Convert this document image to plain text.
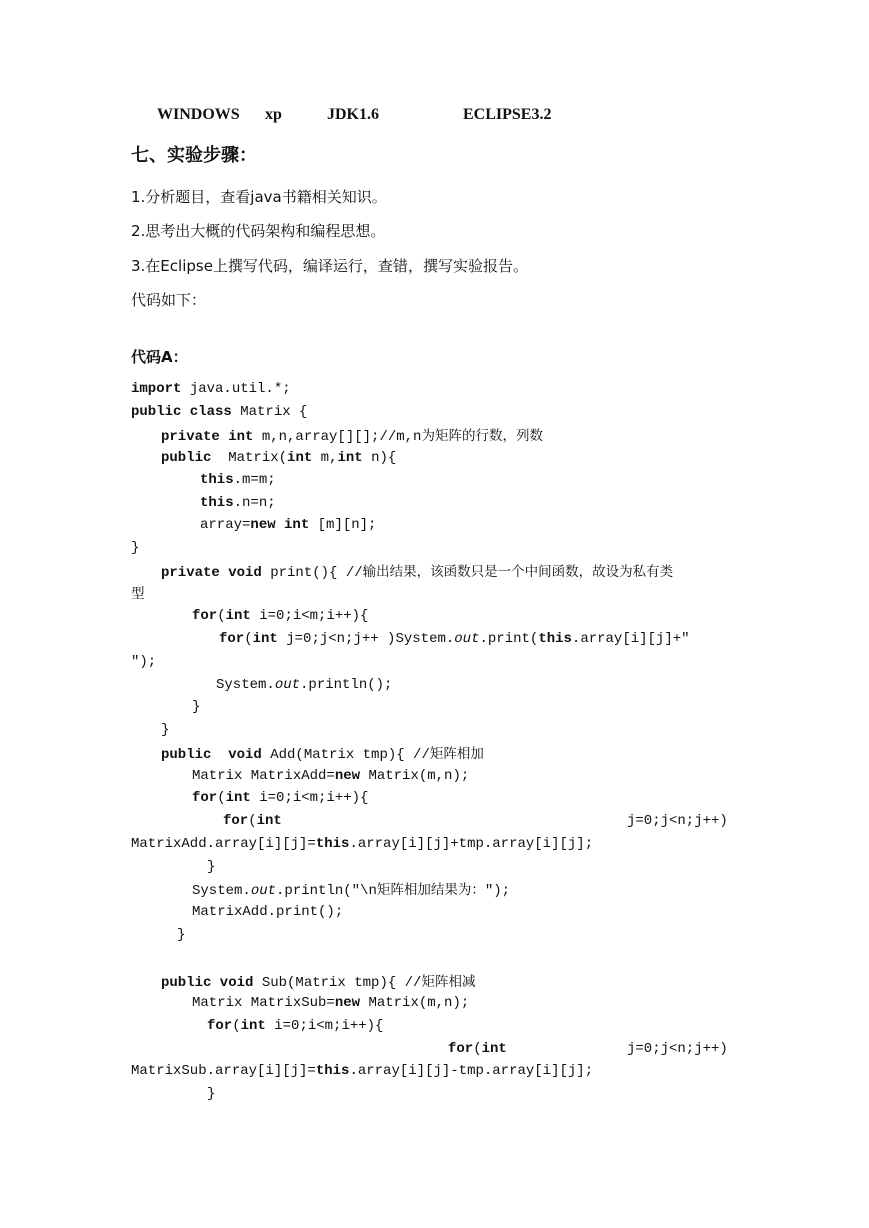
WINDOWS xp	JDK1.6	ECLIPSE3.2
七、实验步骤：
1.分析题目，查看java书籍相关知识。
2.思考出大概的代码架构和编程思想。
3.在Eclipse上撰写代码，编译运行，查错，撰写实验报告。
代码如下：
代码A：
import java.util.*;
public class Matrix {
private int m,n,array[][];//m,n为矩阵的行数，列数
public  Matrix(int m,int n){
this.m=m;
this.n=n;
array=new int [m][n];
}
private void print(){ //输出结果，该函数只是一个中间函数，故设为私有类
型
for(int i=0;i<m;i++){
for(int j=0;j<n;j++ )System.out.print(this.array[i][j]+"
");
System.out.println();
}
}
public  void Add(Matrix tmp){ //矩阵相加
Matrix MatrixAdd=new Matrix(m,n);
for(int i=0;i<m;i++){
for(int	j=0;j<n;j++)
MatrixAdd.array[i][j]=this.array[i][j]+tmp.array[i][j];
}
System.out.println("\n矩阵相加结果为：");
MatrixAdd.print();
}
public void Sub(Matrix tmp){ //矩阵相减
Matrix MatrixSub=new Matrix(m,n);
for(int i=0;i<m;i++){
for(int	j=0;j<n;j++)
MatrixSub.array[i][j]=this.array[i][j]-tmp.array[i][j];
}
